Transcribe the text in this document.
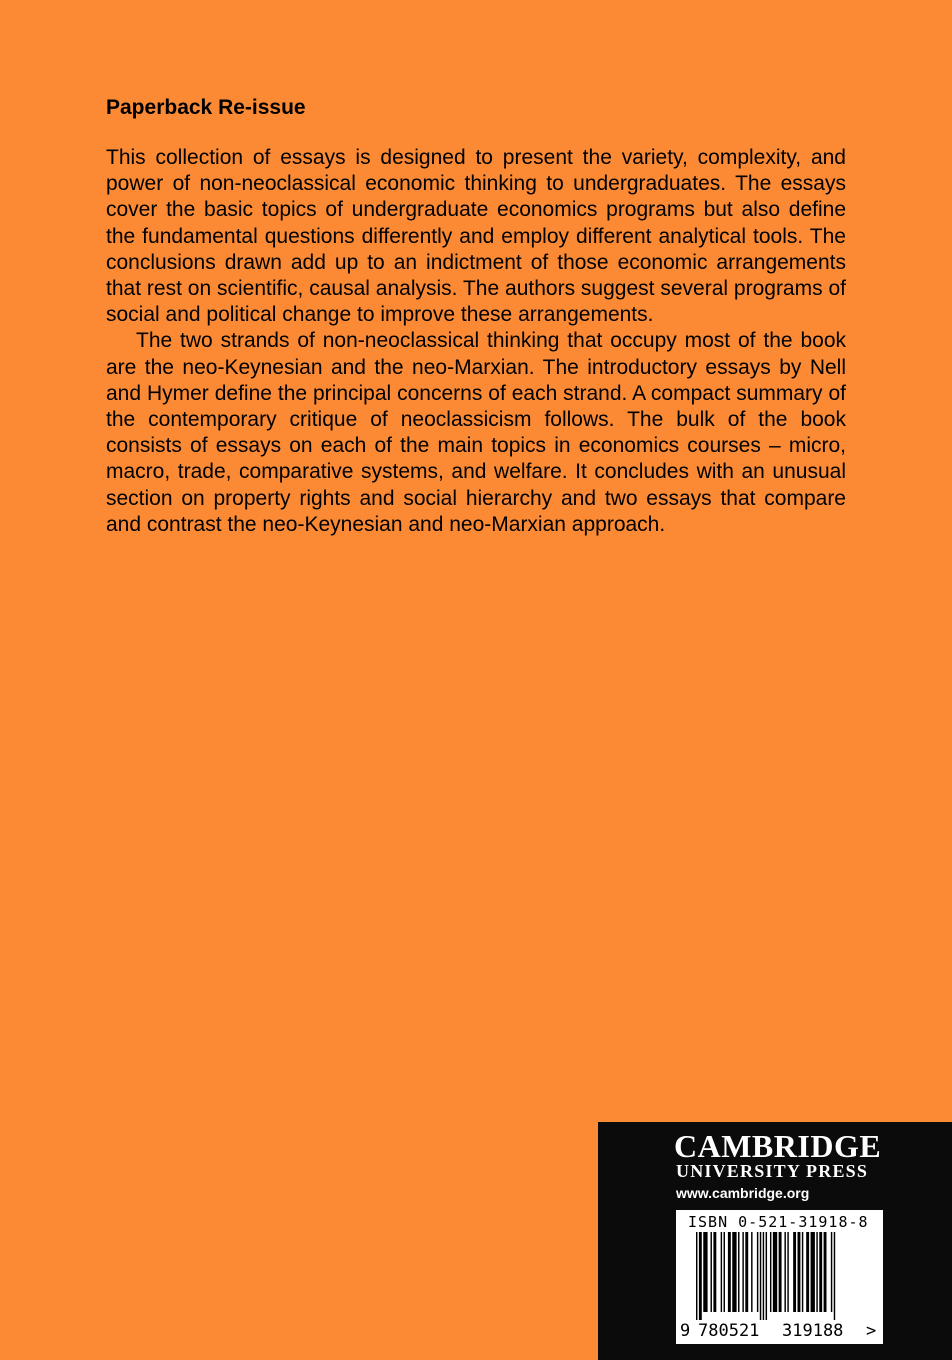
Paperback Re-issue

This collection of essays is designed to present the variety, complexity, and power of non-neoclassical economic thinking to undergraduates. The essays cover the basic topics of undergraduate economics programs but also define the fundamental questions differently and employ different analytical tools. The conclusions drawn add up to an indictment of those economic arrangements that rest on scientific, causal analysis. The authors suggest several programs of social and political change to improve these arrangements.

The two strands of non-neoclassical thinking that occupy most of the book are the neo-Keynesian and the neo-Marxian. The introductory essays by Nell and Hymer define the principal concerns of each strand. A compact summary of the contemporary critique of neoclassicism follows. The bulk of the book consists of essays on each of the main topics in economics courses – micro, macro, trade, comparative systems, and welfare. It concludes with an unusual section on property rights and social hierarchy and two essays that compare and contrast the neo-Keynesian and neo-Marxian approach.

CAMBRIDGE
UNIVERSITY PRESS
www.cambridge.org
ISBN 0-521-31918-8
9 780521 319188 >
